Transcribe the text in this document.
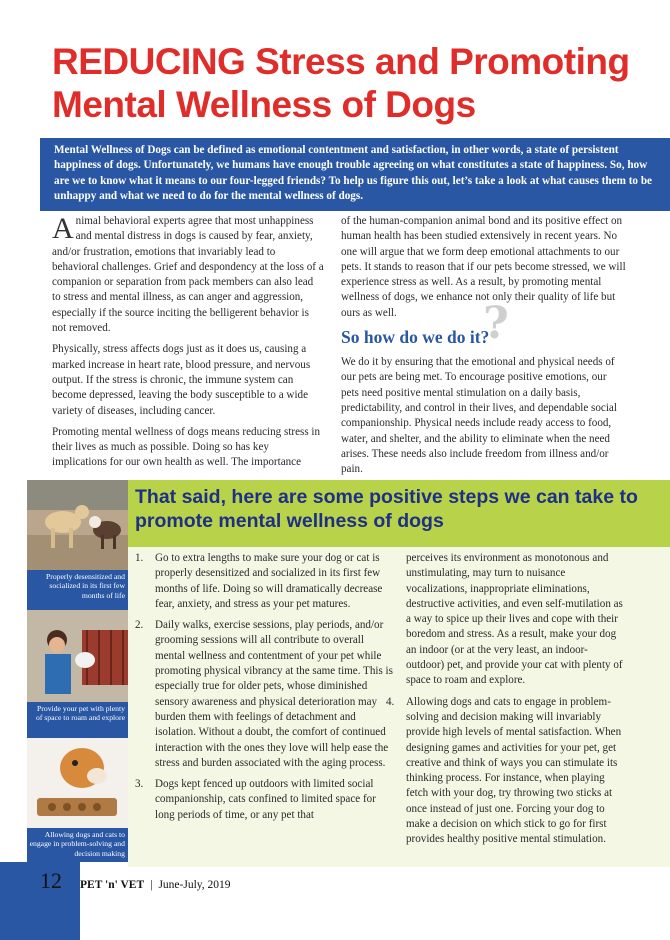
REDUCING Stress and Promoting
Mental Wellness of Dogs
Mental Wellness of Dogs can be defined as emotional contentment and satisfaction, in other words, a state of persistent happiness of dogs. Unfortunately, we humans have enough trouble agreeing on what constitutes a state of happiness. So, how are we to know what it means to our four-legged friends? To help us figure this out, let’s take a look at what causes them to be unhappy and what we need to do for the mental wellness of dogs.

Animal behavioral experts agree that most unhappiness and mental distress in dogs is caused by fear, anxiety, and/or frustration, emotions that invariably lead to behavioral challenges. Grief and despondency at the loss of a companion or separation from pack members can also lead to stress and mental illness, as can anger and aggression, especially if the source inciting the belligerent behavior is not removed.

Physically, stress affects dogs just as it does us, causing a marked increase in heart rate, blood pressure, and nervous output. If the stress is chronic, the immune system can become depressed, leaving the body susceptible to a wide variety of diseases, including cancer.

Promoting mental wellness of dogs means reducing stress in their lives as much as possible. Doing so has key implications for our own health as well. The importance

of the human-companion animal bond and its positive effect on human health has been studied extensively in recent years. No one will argue that we form deep emotional attachments to our pets. It stands to reason that if our pets become stressed, we will experience stress as well. As a result, by promoting mental wellness of dogs, we enhance not only their quality of life but ours as well.

So how do we do it?
?

We do it by ensuring that the emotional and physical needs of our pets are being met. To encourage positive emotions, our pets need positive mental stimulation on a daily basis, predictability, and control in their lives, and dependable social companionship. Physical needs include ready access to food, water, and shelter, and the ability to eliminate when the need arises. These needs also include freedom from illness and/or pain.

That said, here are some positive steps we can take to
promote mental wellness of dogs
Properly desensitized and socialized in its first few months of life
Provide your pet with plenty of space to roam and explore
Allowing dogs and cats to engage in problem-solving and decision making
1. Go to extra lengths to make sure your dog or cat is properly desensitized and socialized in its first few months of life. Doing so will dramatically decrease fear, anxiety, and stress as your pet matures.
2. Daily walks, exercise sessions, play periods, and/or grooming sessions will all contribute to overall mental wellness and contentment of your pet while promoting physical vibrancy at the same time. This is especially true for older pets, whose diminished sensory awareness and physical deterioration may burden them with feelings of detachment and isolation. Without a doubt, the comfort of continued interaction with the ones they love will help ease the stress and burden associated with the aging process.
3. Dogs kept fenced up outdoors with limited social companionship, cats confined to limited space for long periods of time, or any pet that
perceives its environment as monotonous and unstimulating, may turn to nuisance vocalizations, inappropriate eliminations, destructive activities, and even self-mutilation as a way to spice up their lives and cope with their boredom and stress. As a result, make your dog an indoor (or at the very least, an indoor-outdoor) pet, and provide your cat with plenty of space to roam and explore.
4. Allowing dogs and cats to engage in problem-solving and decision making will invariably provide high levels of mental satisfaction. When designing games and activities for your pet, get creative and think of ways you can stimulate its thinking process. For instance, when playing fetch with your dog, try throwing two sticks at once instead of just one. Forcing your dog to make a decision on which stick to go for first provides healthy positive mental stimulation.
12 PET 'n' VET | June-July, 2019
